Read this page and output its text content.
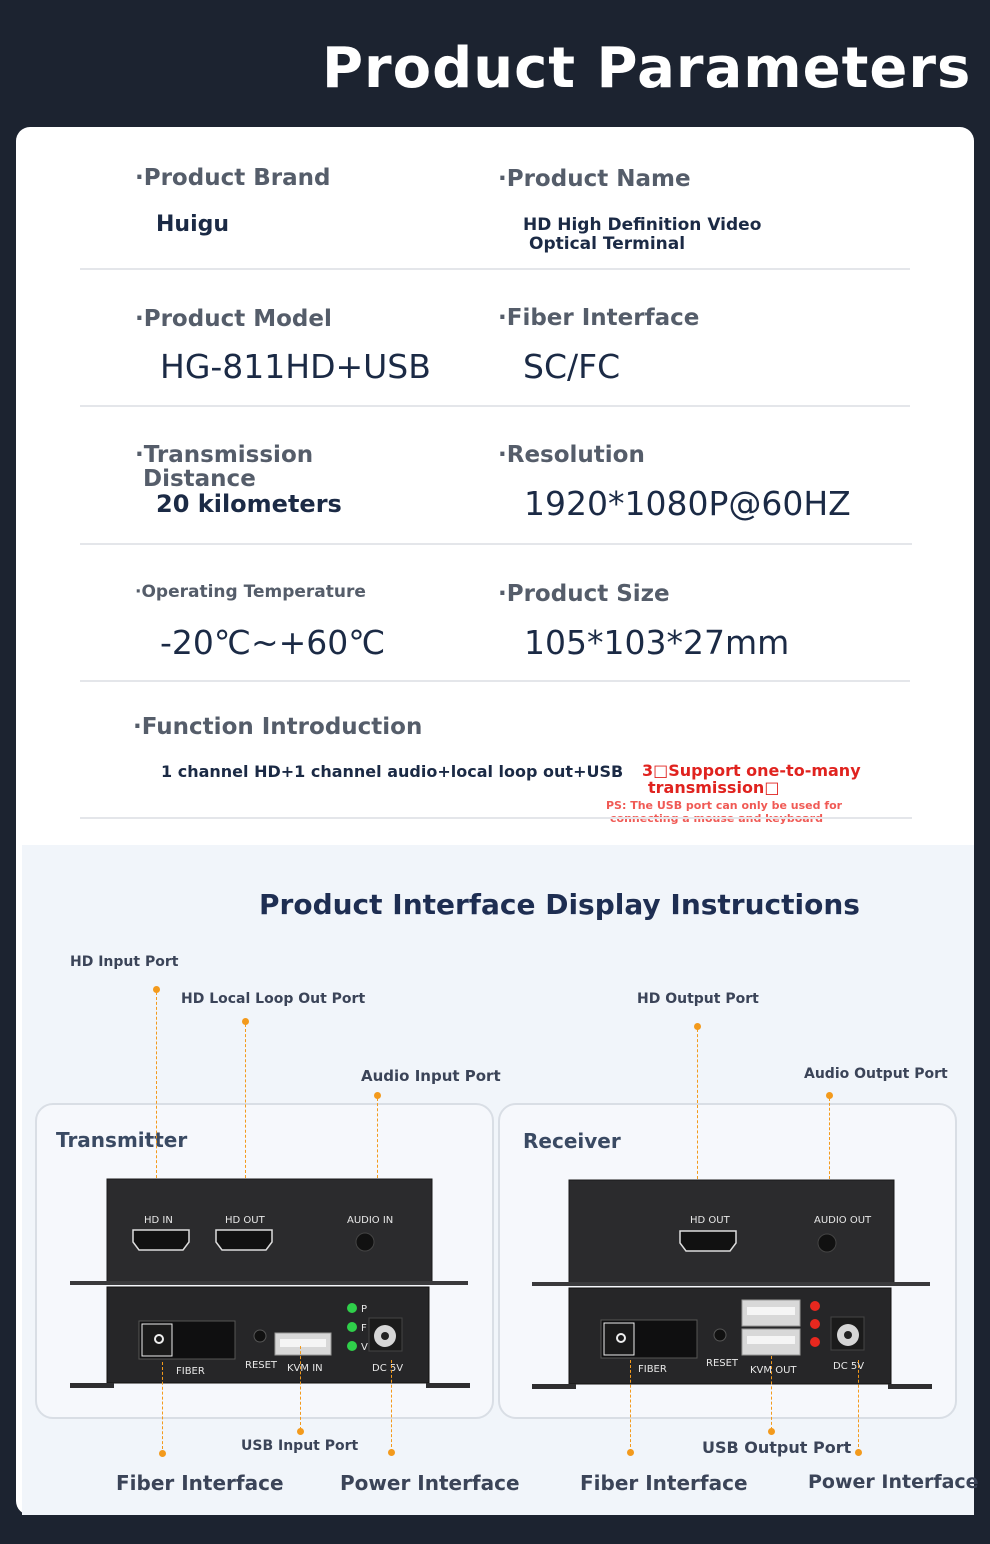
Product Parameters
·Product Brand
Huigu
·Product Name
HD High Definition Video
Optical Terminal
·Product Model
HG-811HD+USB
·Fiber Interface
SC/FC
·Transmission
Distance
20 kilometers
·Resolution
1920*1080P@60HZ
·Operating Temperature
-20℃~+60℃
·Product Size
105*103*27mm
·Function Introduction
1 channel HD+1 channel audio+local loop out+USB 3□Support one-to-many
transmission□
PS: The USB port can only be used for
Product Interface Display Instructions
Transmitter	Receiver
HD IN	HD OUT	AUDIO IN
P
F
V
FIBER
RESET KVM IN	DC 5V
HD OUT	AUDIO OUT
FIBER
RESET
KVM OUT	DC 5V
HD Input Port
HD Local Loop Out Port
Audio Input Port
USB Input Port
Fiber Interface	Power Interface
HD Output Port
Audio Output Port
USB Output Port
Fiber Interface	Power Interface
